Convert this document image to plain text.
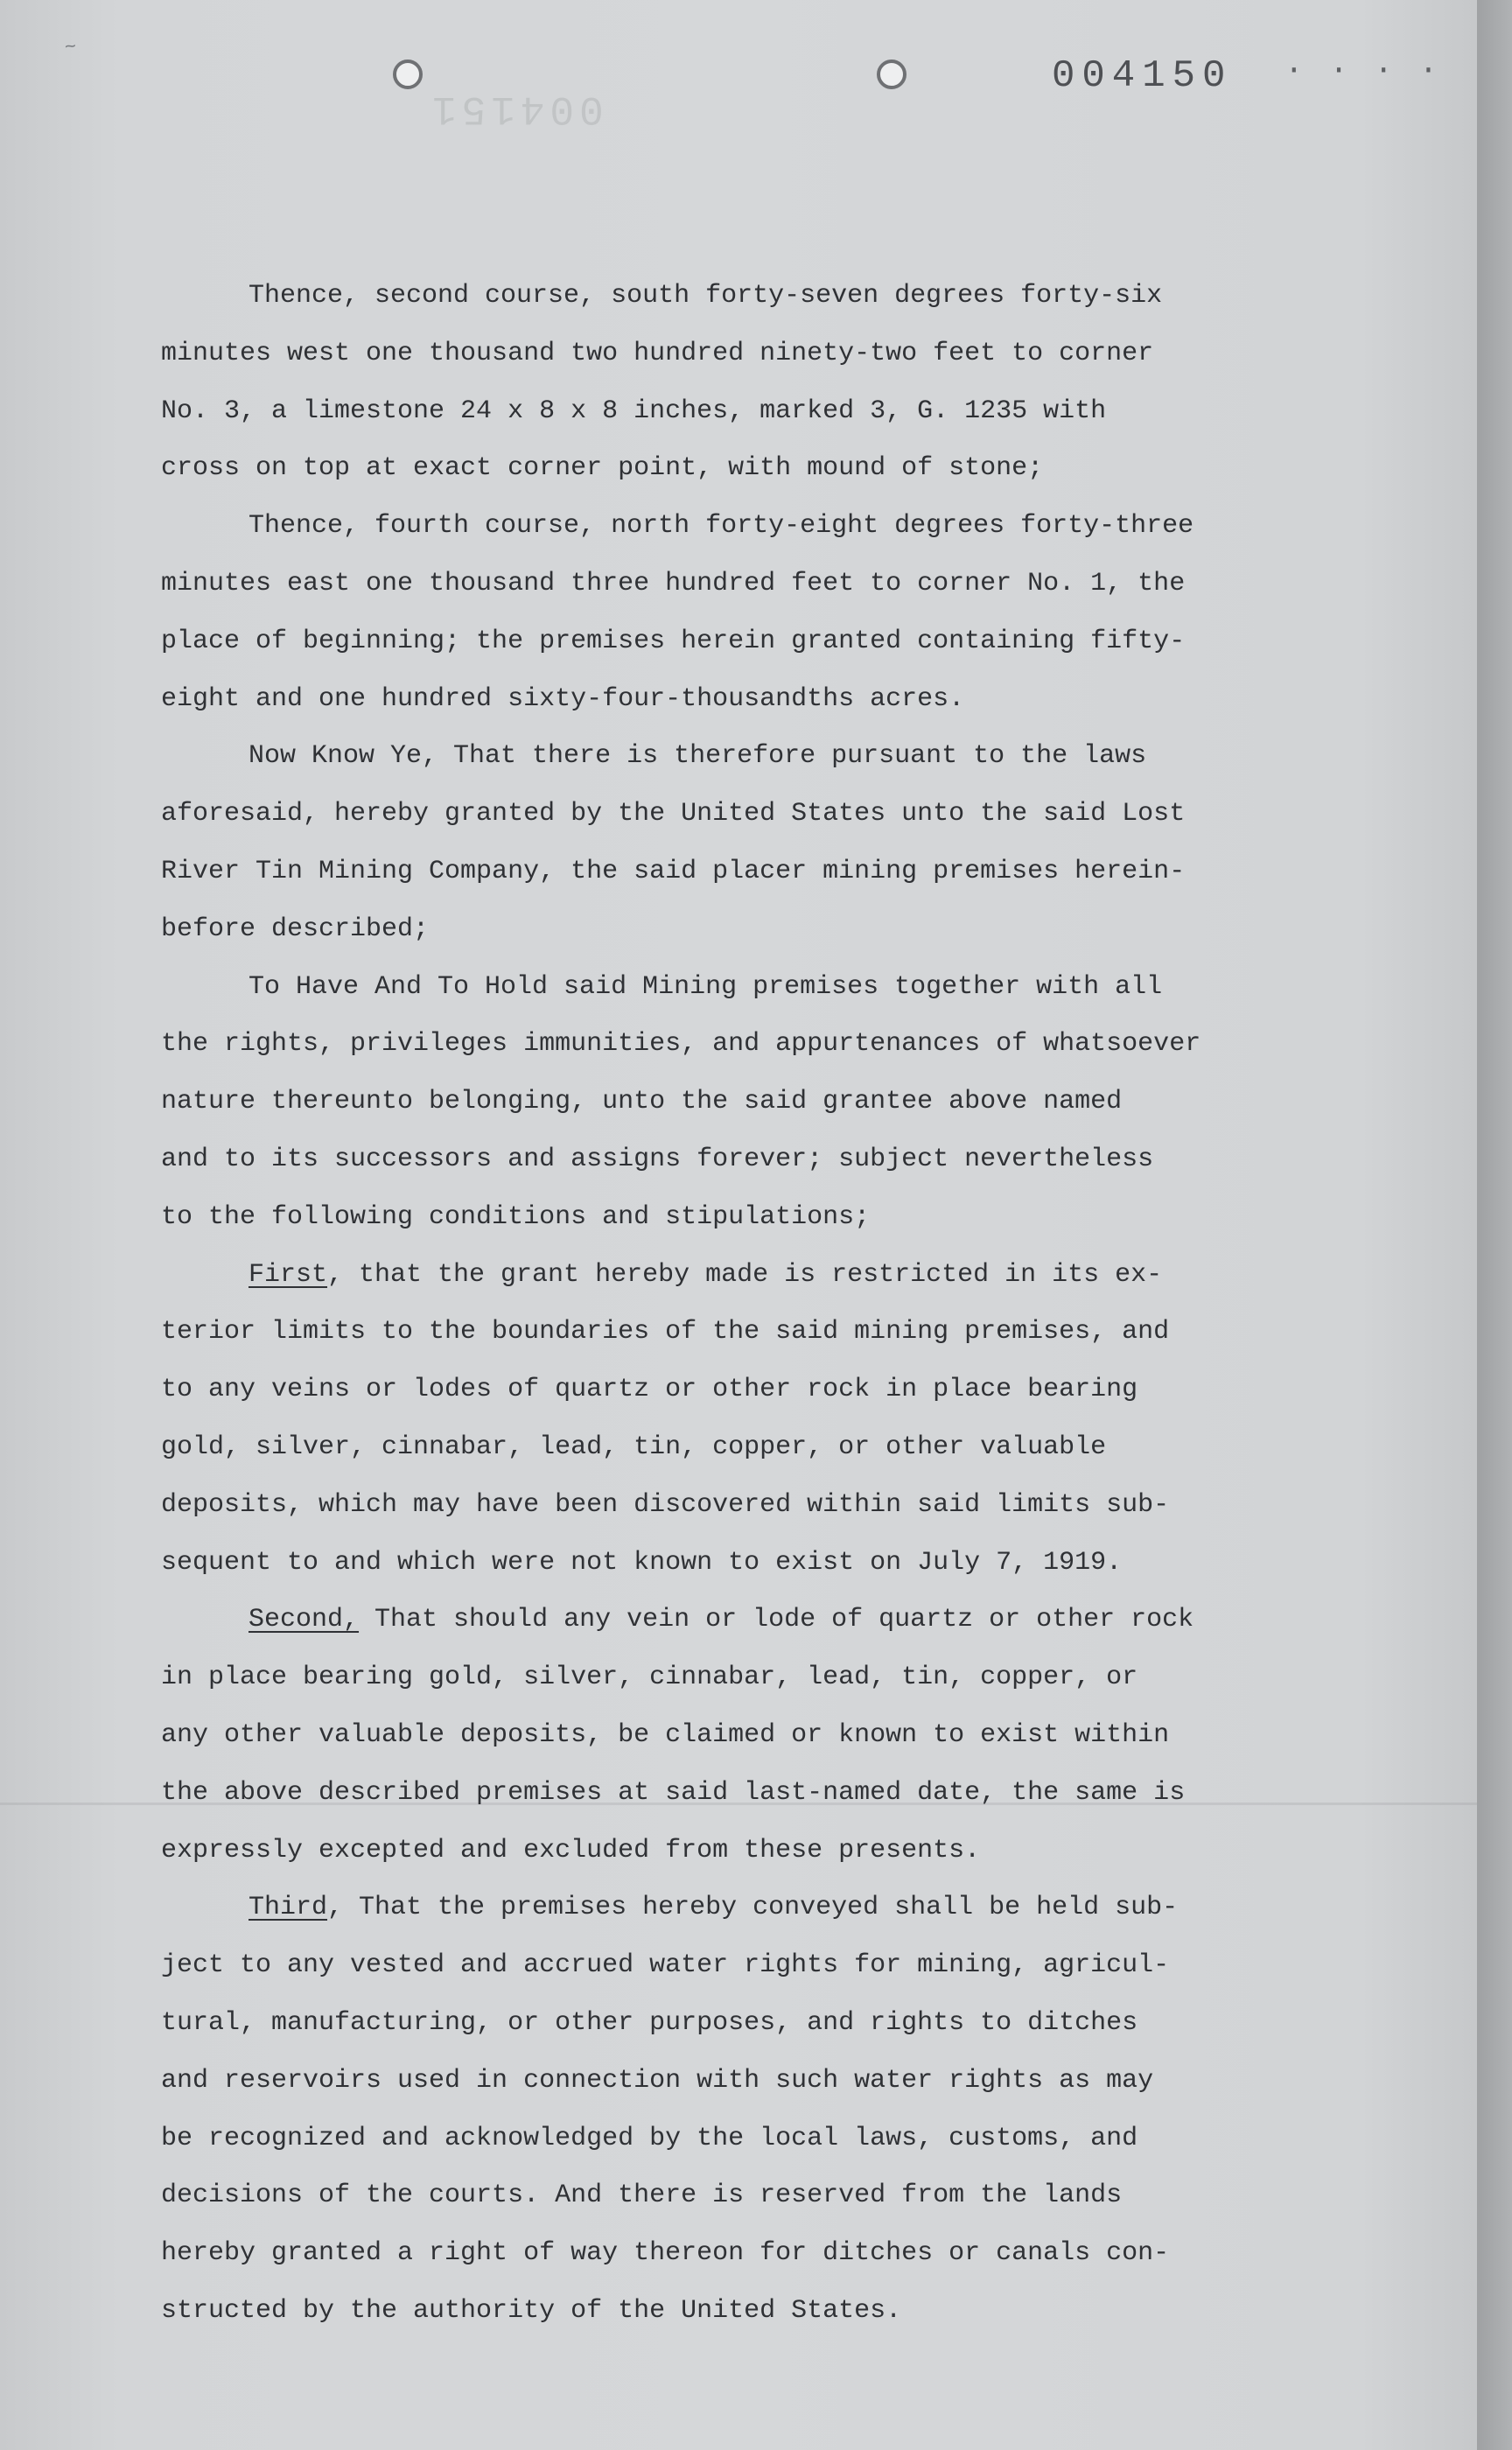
~
004151
004150 · · · ·
Thence, second course, south forty-seven degrees forty-six
minutes west one thousand two hundred ninety-two feet to corner
No. 3, a limestone 24 x 8 x 8 inches, marked 3, G. 1235 with
cross on top at exact corner point, with mound of stone;
Thence, fourth course, north forty-eight degrees forty-three
minutes east one thousand three hundred feet to corner No. 1, the
place of beginning; the premises herein granted containing fifty-
eight and one hundred sixty-four-thousandths acres.
Now Know Ye, That there is therefore pursuant to the laws
aforesaid, hereby granted by the United States unto the said Lost
River Tin Mining Company, the said placer mining premises herein-
before described;
To Have And To Hold said Mining premises together with all
the rights, privileges immunities, and appurtenances of whatsoever
nature thereunto belonging, unto the said grantee above named
and to its successors and assigns forever; subject nevertheless
to the following conditions and stipulations;
First, that the grant hereby made is restricted in its ex-
terior limits to the boundaries of the said mining premises, and
to any veins or lodes of quartz or other rock in place bearing
gold, silver, cinnabar, lead, tin, copper, or other valuable
deposits, which may have been discovered within said limits sub-
sequent to and which were not known to exist on July 7, 1919.
Second, That should any vein or lode of quartz or other rock
in place bearing gold, silver, cinnabar, lead, tin, copper, or
any other valuable deposits, be claimed or known to exist within
the above described premises at said last-named date, the same is
expressly excepted and excluded from these presents.
Third, That the premises hereby conveyed shall be held sub-
ject to any vested and accrued water rights for mining, agricul-
tural, manufacturing, or other purposes, and rights to ditches
and reservoirs used in connection with such water rights as may
be recognized and acknowledged by the local laws, customs, and
decisions of the courts. And there is reserved from the lands
hereby granted a right of way thereon for ditches or canals con-
structed by the authority of the United States.
